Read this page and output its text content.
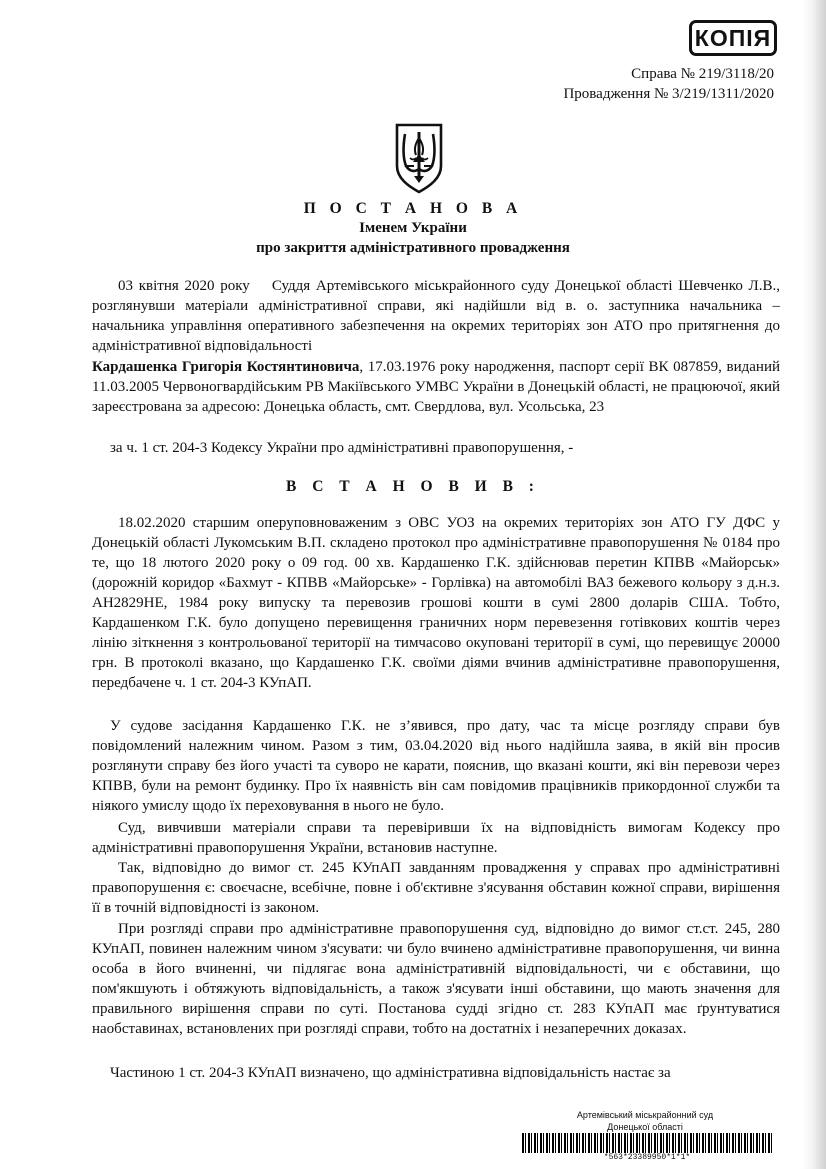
КОПІЯ
Справа № 219/3118/20
Провадження № 3/219/1311/2020
П О С Т А Н О В А
Іменем України
про закриття адміністративного провадження

03 квітня 2020 року Суддя Артемівського міськрайонного суду Донецької області Шевченко Л.В., розглянувши матеріали адміністративної справи, які надійшли від в. о. заступника начальника – начальника управління оперативного забезпечення на окремих територіях зон АТО про притягнення до адміністративної відповідальності

Кардашенка Григорія Костянтиновича, 17.03.1976 року народження, паспорт серії ВК 087859, виданий 11.03.2005 Червоногвардійським РВ Макіївського УМВС України в Донецькій області, не працюючої, який зареєстрована за адресою: Донецька область, смт. Свердлова, вул. Усольська, 23

за ч. 1 ст. 204-3 Кодексу України про адміністративні правопорушення, -

В С Т А Н О В И В :

18.02.2020 старшим оперуповноваженим з ОВС УОЗ на окремих територіях зон АТО ГУ ДФС у Донецькій області Лукомським В.П. складено протокол про адміністративне правопорушення № 0184 про те, що 18 лютого 2020 року о 09 год. 00 хв. Кардашенко Г.К. здійснював перетин КПВВ «Майорськ» (дорожній коридор «Бахмут - КПВВ «Майорське» - Горлівка) на автомобілі ВАЗ бежевого кольору з д.н.з. АН2829НЕ, 1984 року випуску та перевозив грошові кошти в сумі 2800 доларів США. Тобто, Кардашенком Г.К. було допущено перевищення граничних норм перевезення готівкових коштів через лінію зіткнення з контрольованої території на тимчасово окуповані території в сумі, що перевищує 20000 грн. В протоколі вказано, що Кардашенко Г.К. своїми діями вчинив адміністративне правопорушення, передбачене ч. 1 ст. 204-3 КУпАП.

У судове засідання Кардашенко Г.К. не з’явився, про дату, час та місце розгляду справи був повідомлений належним чином. Разом з тим, 03.04.2020 від нього надійшла заява, в якій він просив розглянути справу без його участі та суворо не карати, пояснив, що вказані кошти, які він перевози через КПВВ, були на ремонт будинку. Про їх наявність він сам повідомив працівників прикордонної служби та ніякого умислу щодо їх переховування в нього не було.

Суд, вивчивши матеріали справи та перевіривши їх на відповідність вимогам Кодексу про адміністративні правопорушення України, встановив наступне.

Так, відповідно до вимог ст. 245 КУпАП завданням провадження у справах про адміністративні правопорушення є: своєчасне, всебічне, повне і об'єктивне з'ясування обставин кожної справи, вирішення її в точній відповідності із законом.

При розгляді справи про адміністративне правопорушення суд, відповідно до вимог ст.ст. 245, 280 КУпАП, повинен належним чином з'ясувати: чи було вчинено адміністративне правопорушення, чи винна особа в його вчиненні, чи підлягає вона адміністративній відповідальності, чи є обставини, що пом'якшують і обтяжують відповідальність, а також з'ясувати інші обставини, що мають значення для правильного вирішення справи по суті. Постанова судді згідно ст. 283 КУпАП має ґрунтуватися наобставинах, встановлених при розгляді справи, тобто на достатніх і незаперечних доказах.

Частиною 1 ст. 204-3 КУпАП визначено, що адміністративна відповідальність настає за

Артемівський міськрайонний суд
Донецької області
*563*23389950*1*1*
